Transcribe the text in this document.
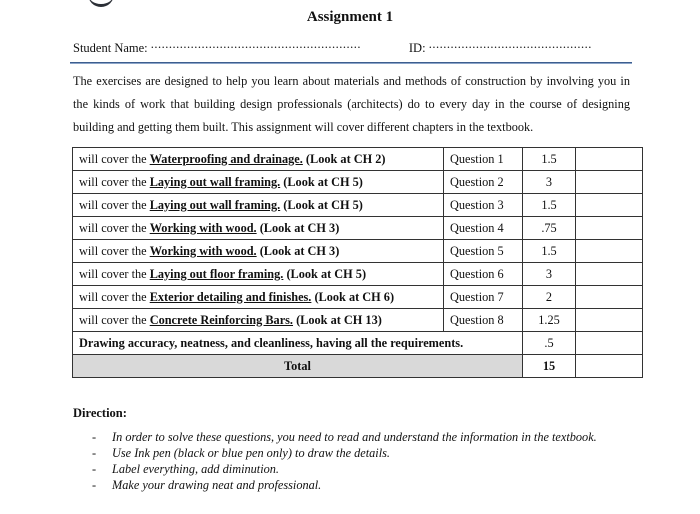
Assignment 1
Student Name: ..........................................................	ID: .............................................
The exercises are designed to help you learn about materials and methods of construction by involving you in the kinds of work that building design professionals (architects) do to every day in the course of designing building and getting them built. This assignment will cover different chapters in the textbook.
will cover the Waterproofing and drainage. (Look at CH 2)	Question 1	1.5	
will cover the Laying out wall framing. (Look at CH 5)	Question 2	3	
will cover the Laying out wall framing. (Look at CH 5)	Question 3	1.5	
will cover the Working with wood. (Look at CH 3)	Question 4	.75	
will cover the Working with wood. (Look at CH 3)	Question 5	1.5	
will cover the Laying out floor framing. (Look at CH 5)	Question 6	3	
will cover the Exterior detailing and finishes. (Look at CH 6)	Question 7	2	
will cover the Concrete Reinforcing Bars. (Look at CH 13)	Question 8	1.25	
Drawing accuracy, neatness, and cleanliness, having all the requirements.		.5	
Total		15	
Direction:
- In order to solve these questions, you need to read and understand the information in the textbook.
- Use Ink pen (black or blue pen only) to draw the details.
- Label everything, add diminution.
- Make your drawing neat and professional.
